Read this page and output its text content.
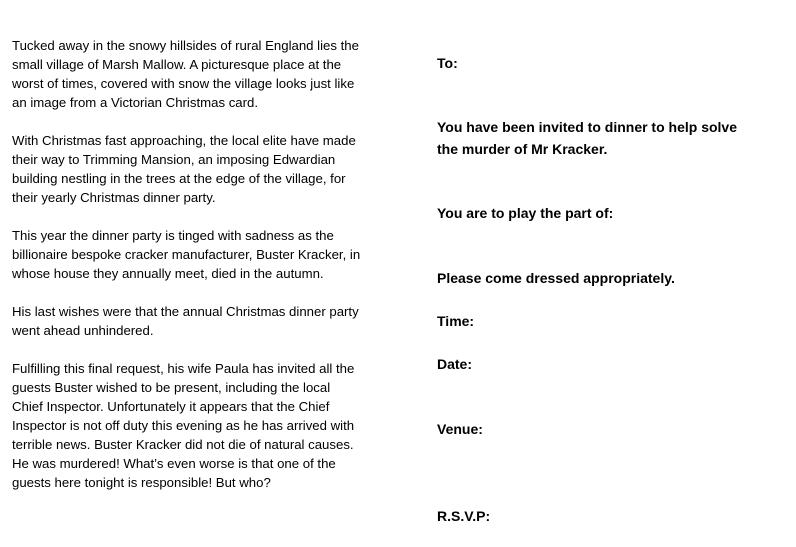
Tucked away in the snowy hillsides of rural England lies the small village of Marsh Mallow. A picturesque place at the worst of times, covered with snow the village looks just like an image from a Victorian Christmas card.

With Christmas fast approaching, the local elite have made their way to Trimming Mansion, an imposing Edwardian building nestling in the trees at the edge of the village, for their yearly Christmas dinner party.

This year the dinner party is tinged with sadness as the billionaire bespoke cracker manufacturer, Buster Kracker, in whose house they annually meet, died in the autumn.

His last wishes were that the annual Christmas dinner party went ahead unhindered.

Fulfilling this final request, his wife Paula has invited all the guests Buster wished to be present, including the local Chief Inspector. Unfortunately it appears that the Chief Inspector is not off duty this evening as he has arrived with terrible news. Buster Kracker did not die of natural causes. He was murdered! What’s even worse is that one of the guests here tonight is responsible! But who?

To:

You have been invited to dinner to help solve

the murder of Mr Kracker.

You are to play the part of:

Please come dressed appropriately.

Time:

Date:

Venue:

R.S.V.P:
